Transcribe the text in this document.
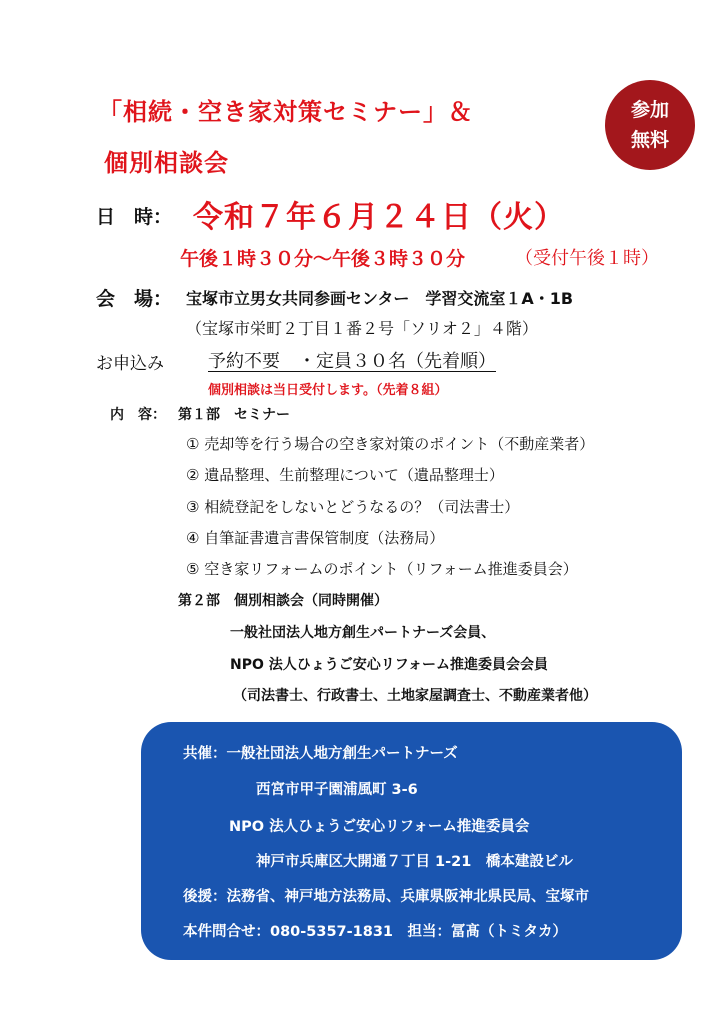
「相続・空き家対策セミナー」＆
個別相談会
参加
無料
日　時： 令和７年６月２４日（火）
午後１時３０分～午後３時３０分	（受付午後１時）
会　場： 宝塚市立男女共同参画センター　学習交流室１A・1B
（宝塚市栄町２丁目１番２号「ソリオ２」４階）
お申込み 予約不要　・定員３０名（先着順）
個別相談は当日受付します。（先着８組）
内　容： 第１部　セミナー
① 売却等を行う場合の空き家対策のポイント（不動産業者）
② 遺品整理、生前整理について（遺品整理士）
③ 相続登記をしないとどうなるの？（司法書士）
④ 自筆証書遺言書保管制度（法務局）
⑤ 空き家リフォームのポイント（リフォーム推進委員会）
第２部　個別相談会（同時開催）
一般社団法人地方創生パートナーズ会員、
NPO 法人ひょうご安心リフォーム推進委員会会員
（司法書士、行政書士、土地家屋調査士、不動産業者他）
共催：一般社団法人地方創生パートナーズ
西宮市甲子園浦風町 3-6
NPO 法人ひょうご安心リフォーム推進委員会
神戸市兵庫区大開通７丁目 1-21　橋本建設ビル
後援：法務省、神戸地方法務局、兵庫県阪神北県民局、宝塚市
本件問合せ：080-5357-1831　担当：冨髙（トミタカ）
